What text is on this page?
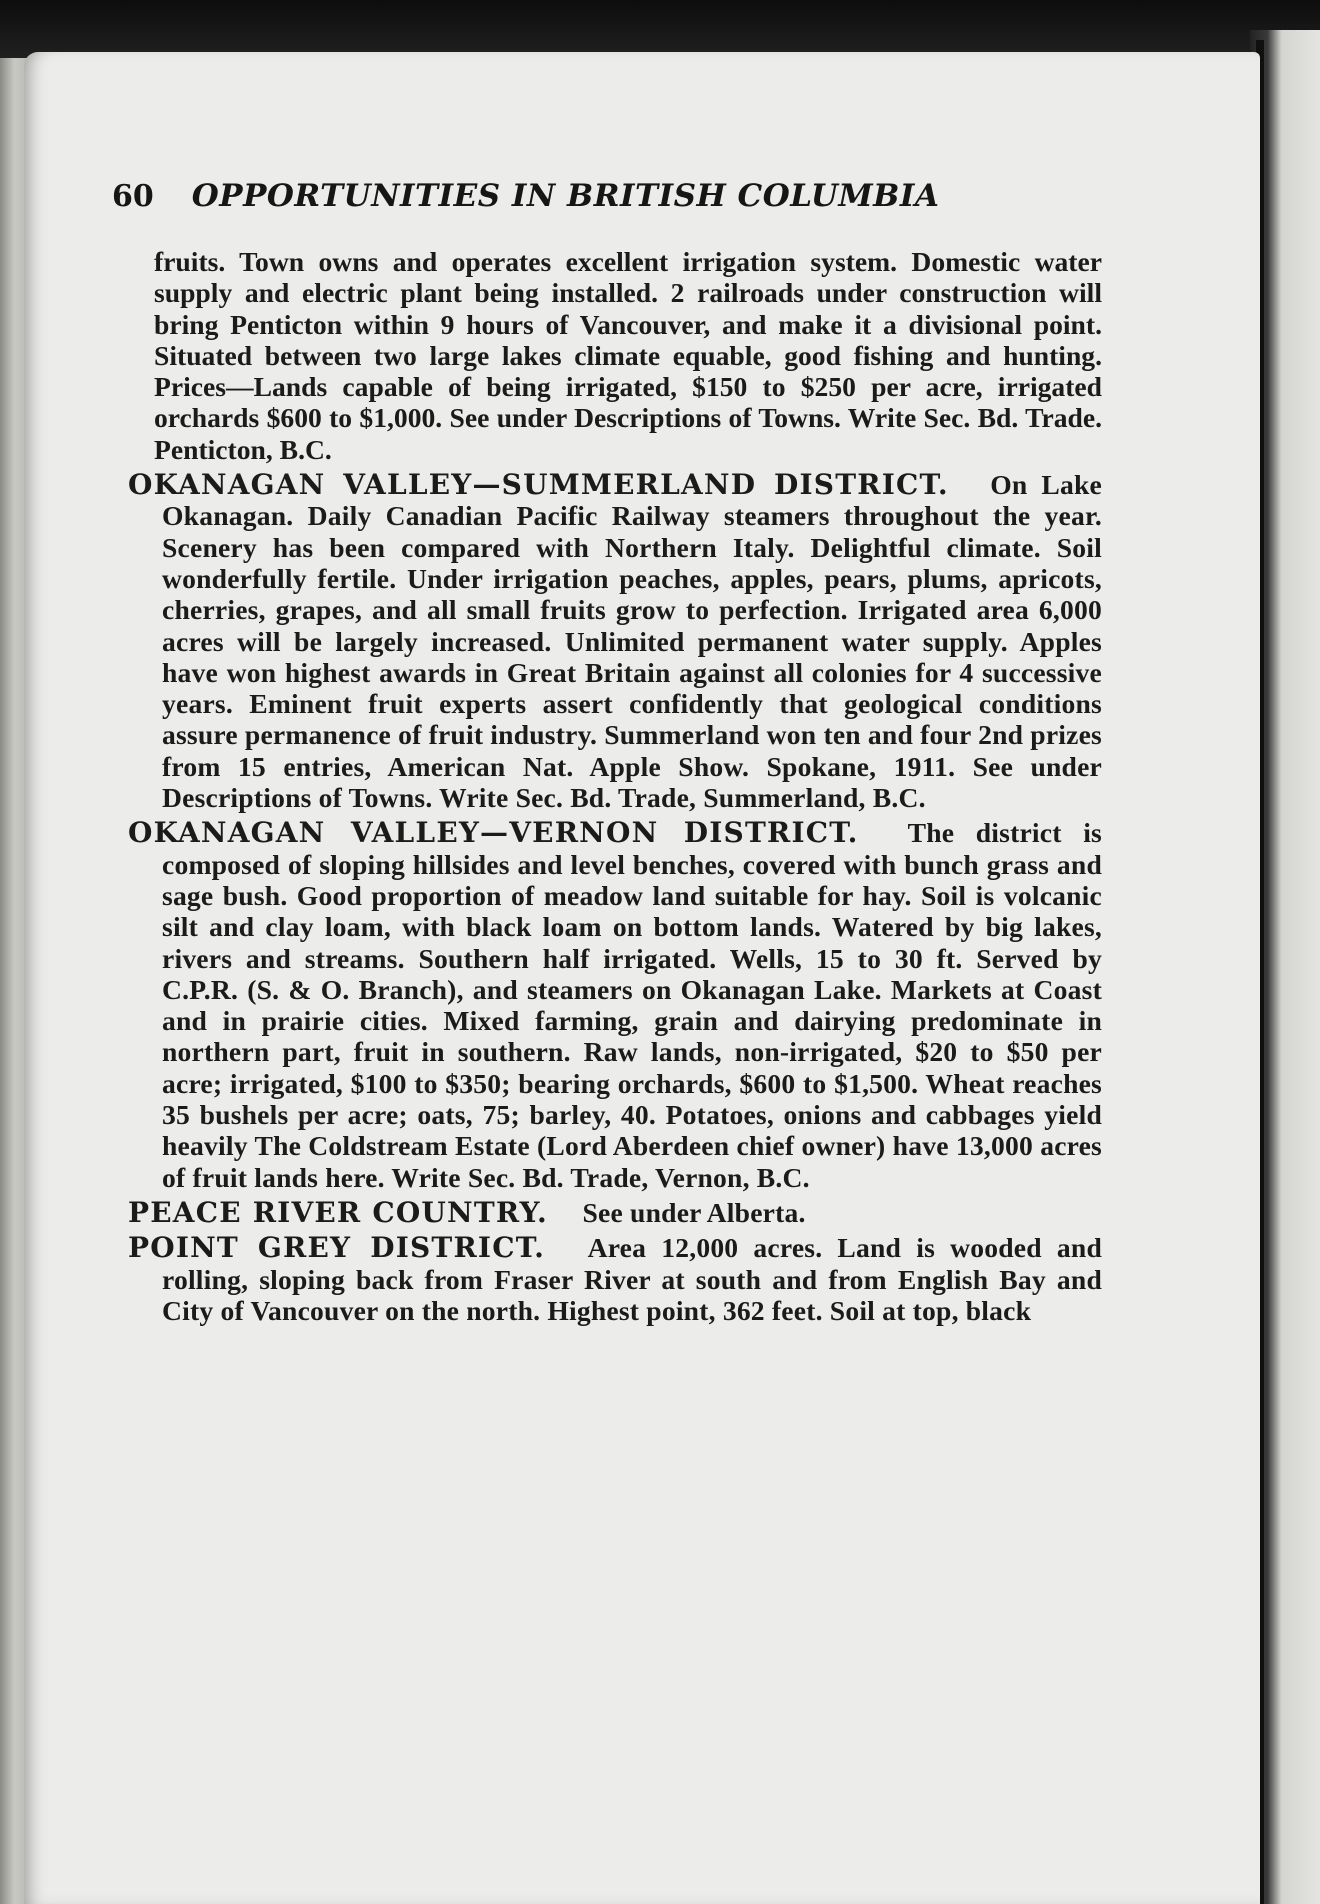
60 OPPORTUNITIES IN BRITISH COLUMBIA

fruits. Town owns and operates excellent irrigation system. Domestic water supply and electric plant being installed. 2 railroads under construction will bring Penticton within 9 hours of Vancouver, and make it a divisional point. Situated between two large lakes climate equable, good fishing and hunting. Prices—Lands capable of being irrigated, $150 to $250 per acre, irrigated orchards $600 to $1,000. See under Descriptions of Towns. Write Sec. Bd. Trade. Penticton, B.C.

OKANAGAN VALLEY—SUMMERLAND DISTRICT.  On Lake Okanagan. Daily Canadian Pacific Railway steamers throughout the year. Scenery has been compared with Northern Italy. Delightful climate. Soil wonderfully fertile. Under irrigation peaches, apples, pears, plums, apricots, cherries, grapes, and all small fruits grow to perfection. Irrigated area 6,000 acres will be largely increased. Unlimited permanent water supply. Apples have won highest awards in Great Britain against all colonies for 4 successive years. Eminent fruit experts assert confidently that geological conditions assure permanence of fruit industry. Summerland won ten and four 2nd prizes from 15 entries, American Nat. Apple Show. Spokane, 1911. See under Descriptions of Towns. Write Sec. Bd. Trade, Summerland, B.C.

OKANAGAN VALLEY—VERNON DISTRICT.  The district is composed of sloping hillsides and level benches, covered with bunch grass and sage bush. Good proportion of meadow land suitable for hay. Soil is volcanic silt and clay loam, with black loam on bottom lands. Watered by big lakes, rivers and streams. Southern half irrigated. Wells, 15 to 30 ft. Served by C.P.R. (S. & O. Branch), and steamers on Okanagan Lake. Markets at Coast and in prairie cities. Mixed farming, grain and dairying predominate in northern part, fruit in southern. Raw lands, non-irrigated, $20 to $50 per acre; irrigated, $100 to $350; bearing orchards, $600 to $1,500. Wheat reaches 35 bushels per acre; oats, 75; barley, 40. Potatoes, onions and cabbages yield heavily The Coldstream Estate (Lord Aberdeen chief owner) have 13,000 acres of fruit lands here. Write Sec. Bd. Trade, Vernon, B.C.

PEACE RIVER COUNTRY.  See under Alberta.

POINT GREY DISTRICT.  Area 12,000 acres. Land is wooded and rolling, sloping back from Fraser River at south and from English Bay and City of Vancouver on the north. Highest point, 362 feet. Soil at top, black
